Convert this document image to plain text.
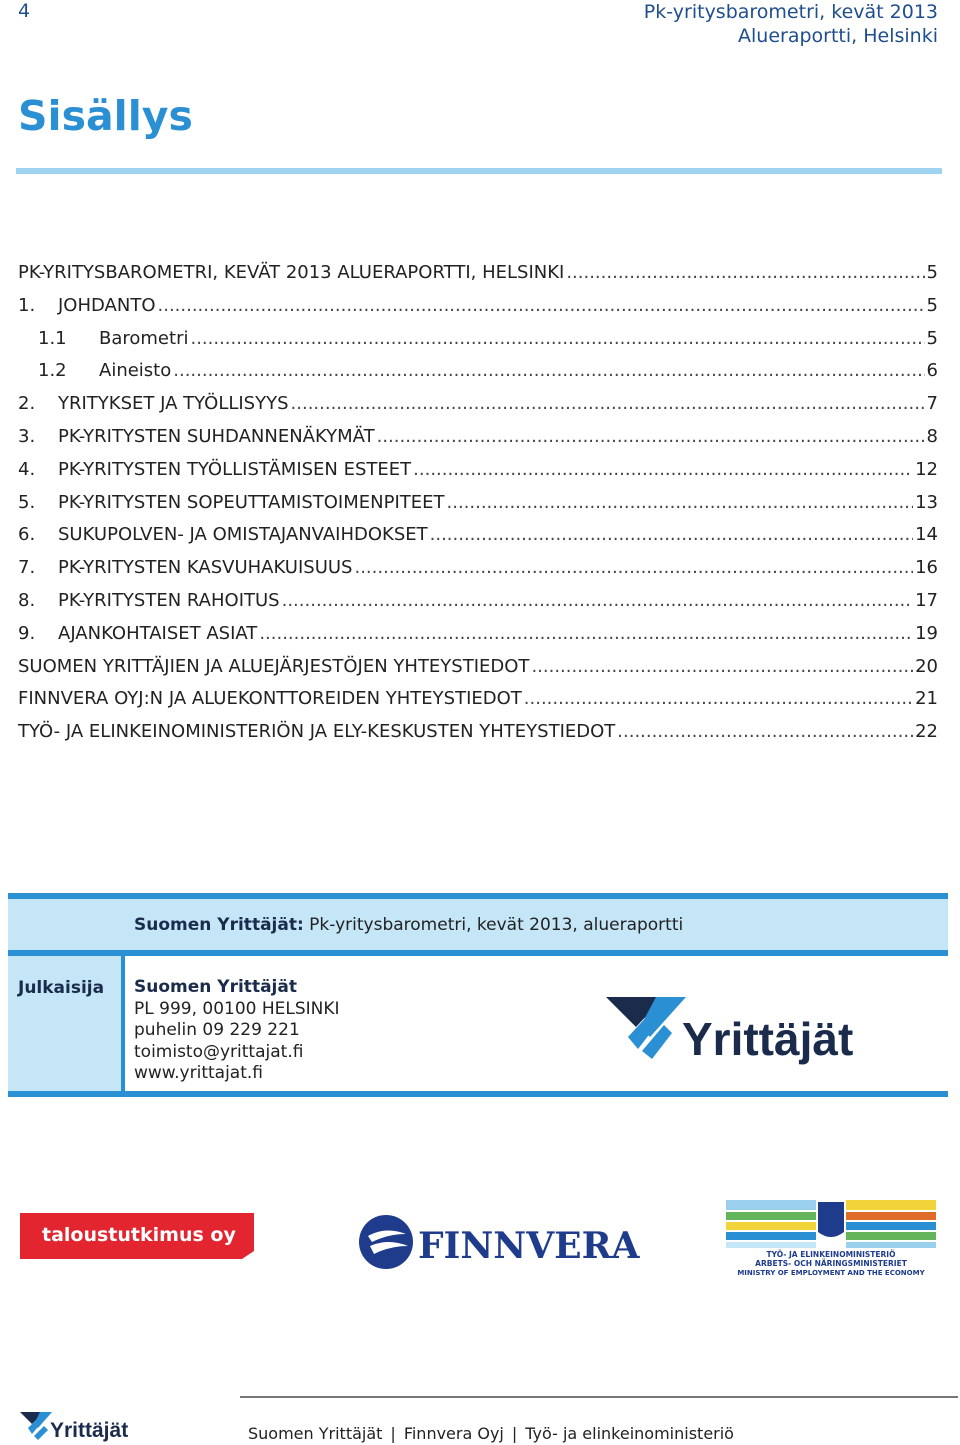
4	Pk-yritysbarometri, kevät 2013
Alueraportti, Helsinki
Sisällys
PK-YRITYSBAROMETRI, KEVÄT 2013 ALUERAPORTTI, HELSINKI .....	5
1.	JOHDANTO .....	5
1.1	Barometri .....	5
1.2	Aineisto .....	6
2.	YRITYKSET JA TYÖLLISYYS .....	7
3.	PK-YRITYSTEN SUHDANNENÄKYMÄT .....	8
4.	PK-YRITYSTEN TYÖLLISTÄMISEN ESTEET .....	12
5.	PK-YRITYSTEN SOPEUTTAMISTOIMENPITEET .....	13
6.	SUKUPOLVEN- JA OMISTAJANVAIHDOKSET .....	14
7.	PK-YRITYSTEN KASVUHAKUISUUS .....	16
8.	PK-YRITYSTEN RAHOITUS .....	17
9.	AJANKOHTAISET ASIAT .....	19
SUOMEN YRITTÄJIEN JA ALUEJÄRJESTÖJEN YHTEYSTIEDOT .....	20
FINNVERA OYJ:N JA ALUEKONTTOREIDEN YHTEYSTIEDOT .....	21
TYÖ- JA ELINKEINOMINISTERIÖN JA ELY-KESKUSTEN YHTEYSTIEDOT .....	22
Suomen Yrittäjät: Pk-yritysbarometri, kevät 2013, alueraportti
Julkaisija Suomen Yrittäjät
PL 999, 00100 HELSINKI
puhelin 09 229 221
toimisto@yrittajat.fi
www.yrittajat.fi
Yrittäjät
taloustutkimus oy	FINNVERA	TYÖ- JA ELINKEINOMINISTERIÖ
ARBETS- OCH NÄRINGSMINISTERIET
MINISTRY OF EMPLOYMENT AND THE ECONOMY
Yrittäjät	Suomen Yrittäjät | Finnvera Oyj | Työ- ja elinkeinoministeriö
